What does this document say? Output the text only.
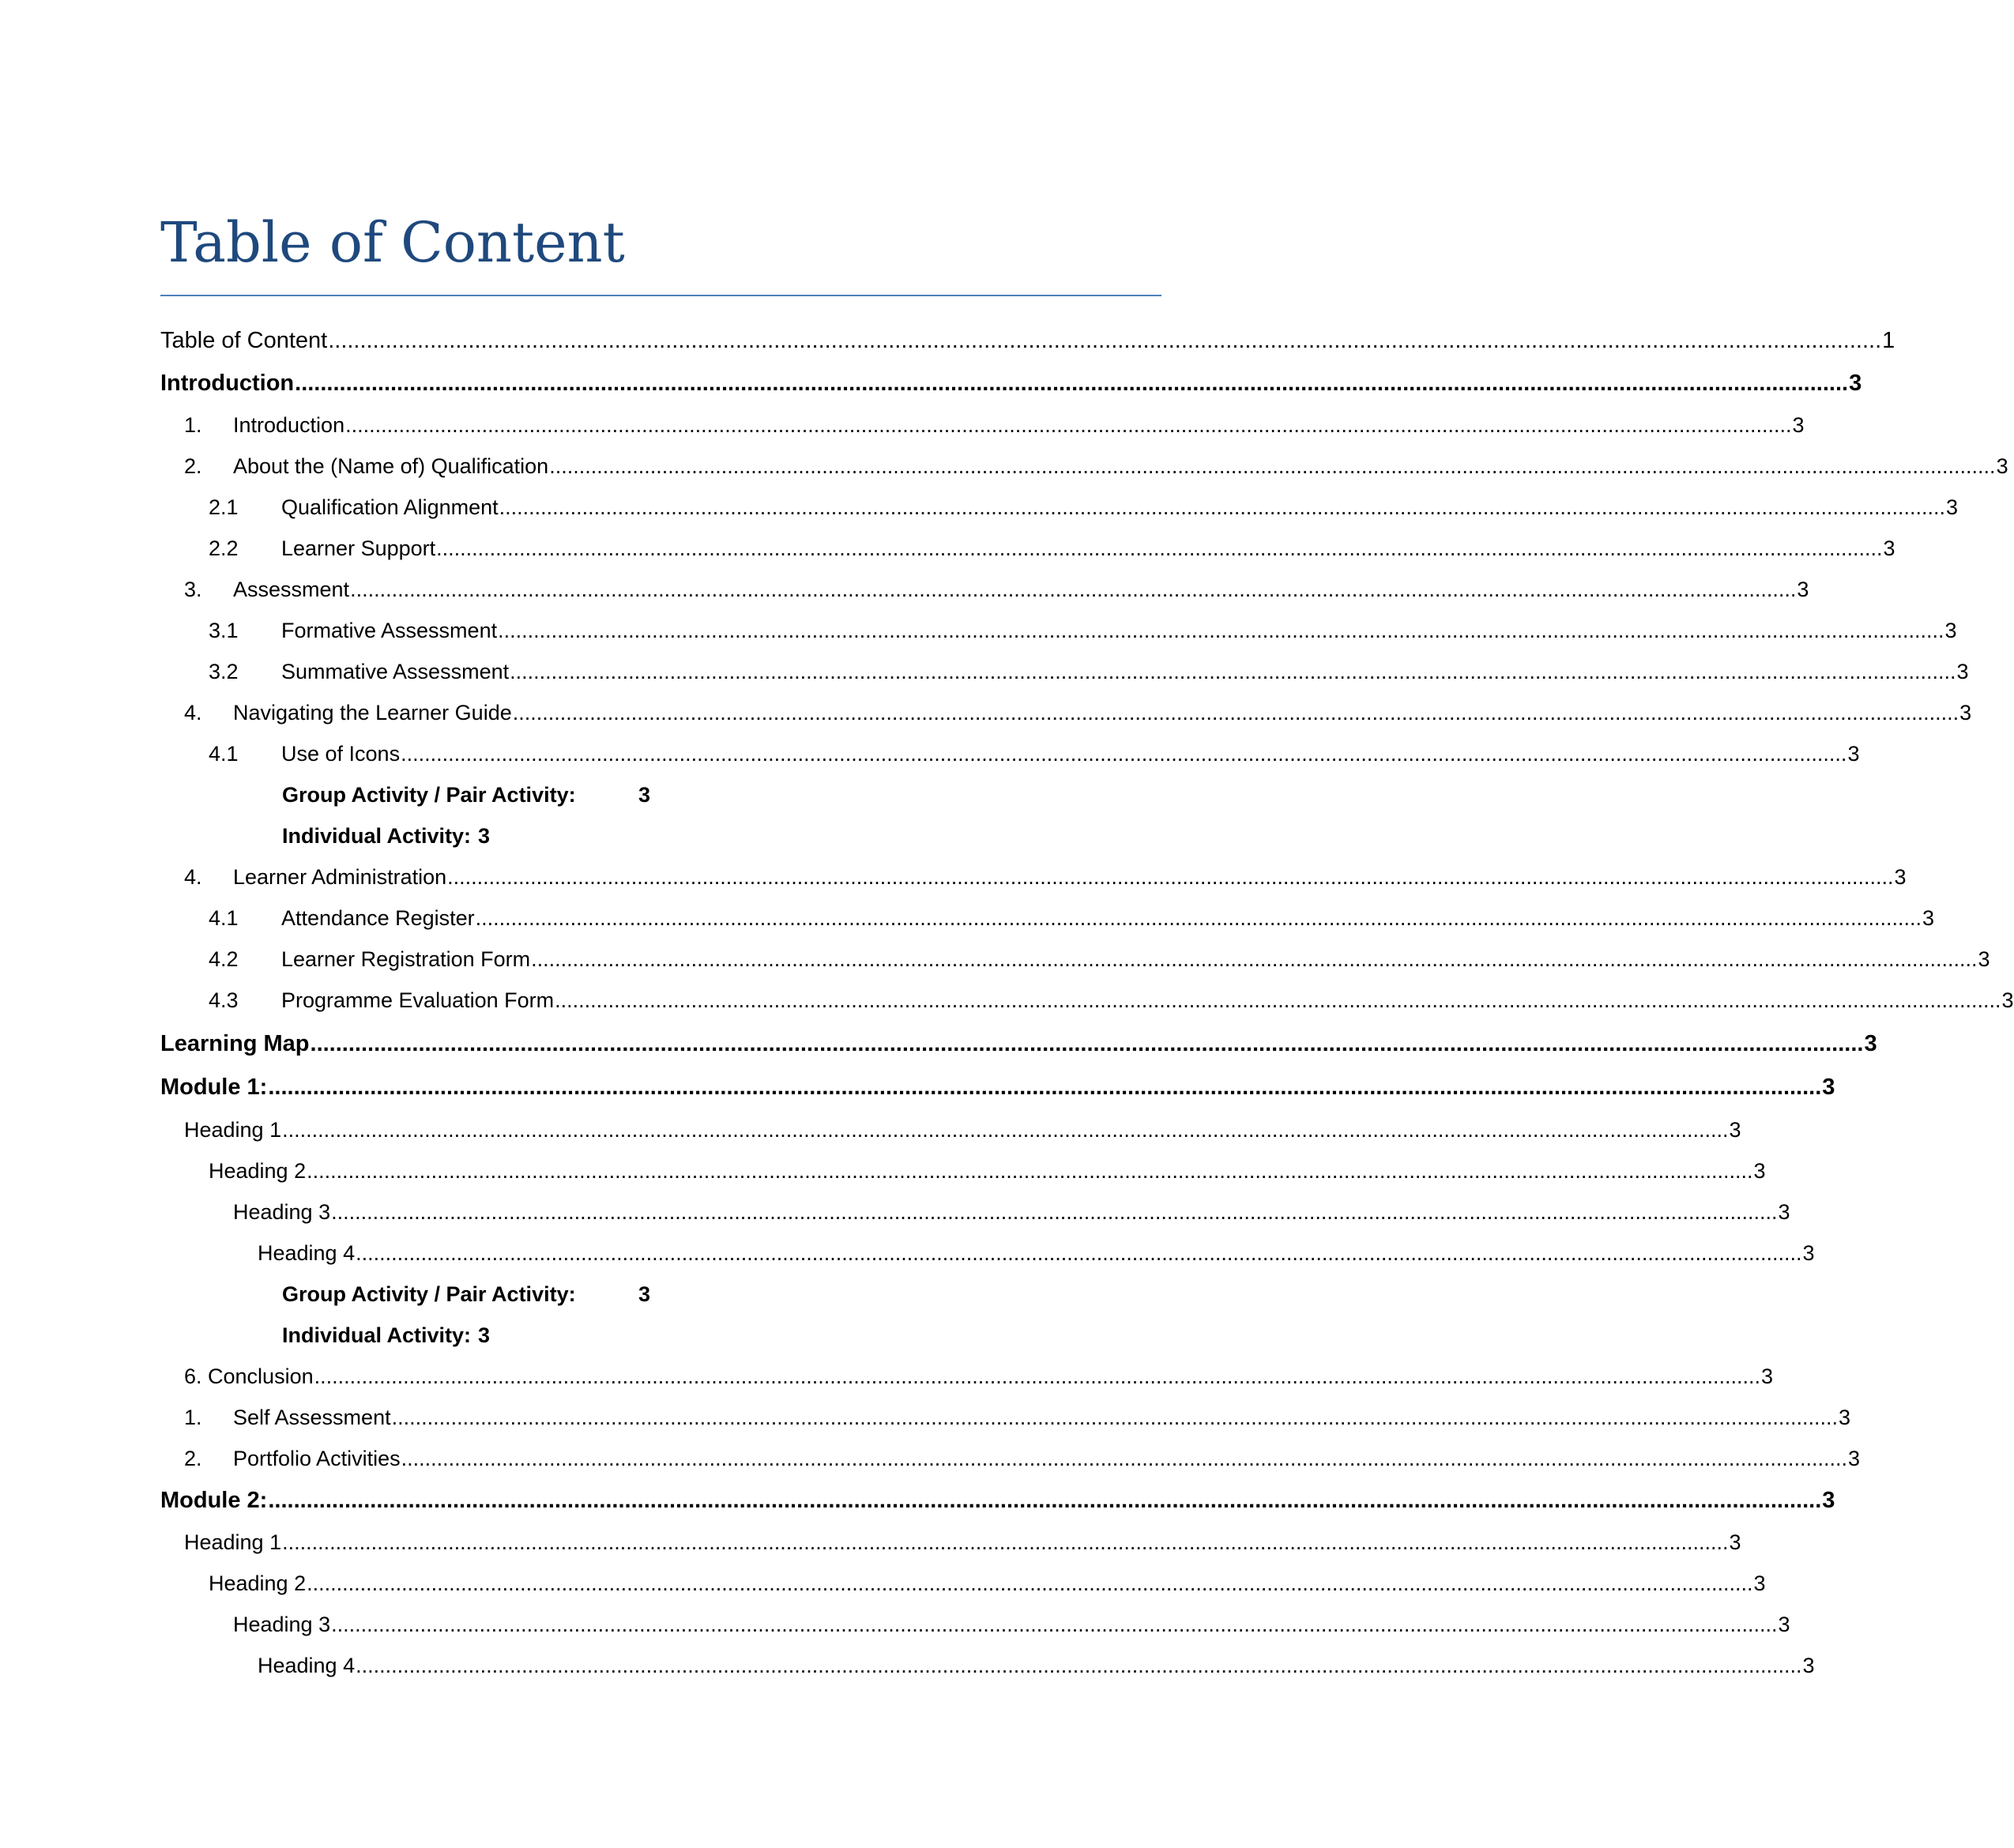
Table of Content
Table of Content .................................................................................................................................................................................................................................................... 1
Introduction .................................................................................................................................................................................................................................................... 3
1.	Introduction .................................................................................................................................................................................................................................................... 3
2.	About the (Name of) Qualification .................................................................................................................................................................................................................................................... 3
2.1	Qualification Alignment .................................................................................................................................................................................................................................................... 3
2.2	Learner Support .................................................................................................................................................................................................................................................... 3
3.	Assessment .................................................................................................................................................................................................................................................... 3
3.1	Formative Assessment .................................................................................................................................................................................................................................................... 3
3.2	Summative Assessment .................................................................................................................................................................................................................................................... 3
4.	Navigating the Learner Guide .................................................................................................................................................................................................................................................... 3
4.1	Use of Icons .................................................................................................................................................................................................................................................... 3
Group Activity / Pair Activity:	3
Individual Activity: 3
4.	Learner Administration .................................................................................................................................................................................................................................................... 3
4.1	Attendance Register .................................................................................................................................................................................................................................................... 3
4.2	Learner Registration Form .................................................................................................................................................................................................................................................... 3
4.3	Programme Evaluation Form .................................................................................................................................................................................................................................................... 3
Learning Map .................................................................................................................................................................................................................................................... 3
Module 1: .................................................................................................................................................................................................................................................... 3
Heading 1 .................................................................................................................................................................................................................................................... 3
Heading 2 .................................................................................................................................................................................................................................................... 3
Heading 3 .................................................................................................................................................................................................................................................... 3
Heading 4 .................................................................................................................................................................................................................................................... 3
Group Activity / Pair Activity:	3
Individual Activity: 3
6. Conclusion .................................................................................................................................................................................................................................................... 3
1.	Self Assessment .................................................................................................................................................................................................................................................... 3
2.	Portfolio Activities .................................................................................................................................................................................................................................................... 3
Module 2: .................................................................................................................................................................................................................................................... 3
Heading 1 .................................................................................................................................................................................................................................................... 3
Heading 2 .................................................................................................................................................................................................................................................... 3
Heading 3 .................................................................................................................................................................................................................................................... 3
Heading 4 .................................................................................................................................................................................................................................................... 3
